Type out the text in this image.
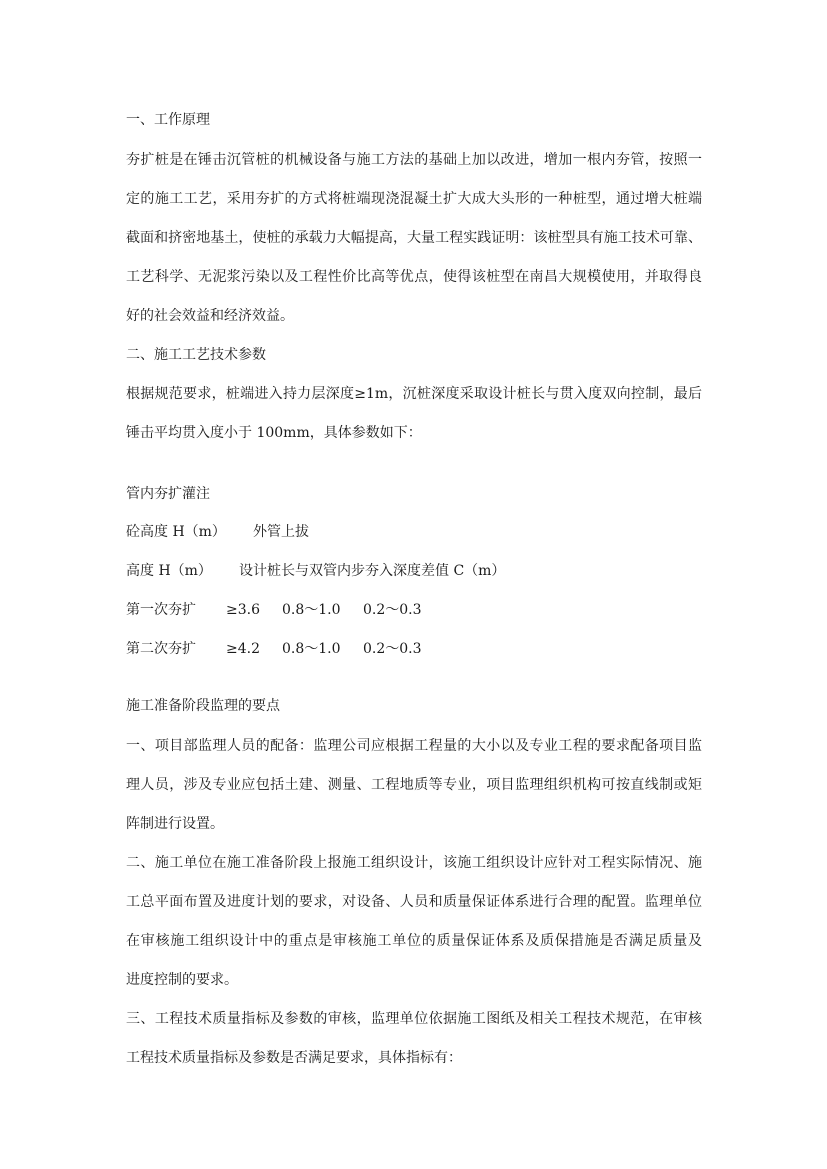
一、工作原理
夯扩桩是在锤击沉管桩的机械设备与施工方法的基础上加以改进，增加一根内夯管，按照一
定的施工工艺，采用夯扩的方式将桩端现浇混凝土扩大成大头形的一种桩型，通过增大桩端
截面和挤密地基土，使桩的承载力大幅提高，大量工程实践证明：该桩型具有施工技术可靠、
工艺科学、无泥浆污染以及工程性价比高等优点，使得该桩型在南昌大规模使用，并取得良
好的社会效益和经济效益。
二、施工工艺技术参数
根据规范要求，桩端进入持力层深度≥1m，沉桩深度采取设计桩长与贯入度双向控制，最后
锤击平均贯入度小于 100mm，具体参数如下：
管内夯扩灌注
砼高度 H（m） 外管上拔
高度 H（m） 设计桩长与双管内步夯入深度差值 C（m）
第一次夯扩 ≥3.6 0.8～1.0 0.2～0.3
第二次夯扩 ≥4.2 0.8～1.0 0.2～0.3
施工准备阶段监理的要点
一、项目部监理人员的配备：监理公司应根据工程量的大小以及专业工程的要求配备项目监
理人员，涉及专业应包括土建、测量、工程地质等专业，项目监理组织机构可按直线制或矩
阵制进行设置。
二、施工单位在施工准备阶段上报施工组织设计，该施工组织设计应针对工程实际情况、施
工总平面布置及进度计划的要求，对设备、人员和质量保证体系进行合理的配置。监理单位
在审核施工组织设计中的重点是审核施工单位的质量保证体系及质保措施是否满足质量及
进度控制的要求。
三、工程技术质量指标及参数的审核，监理单位依据施工图纸及相关工程技术规范，在审核
工程技术质量指标及参数是否满足要求，具体指标有：
